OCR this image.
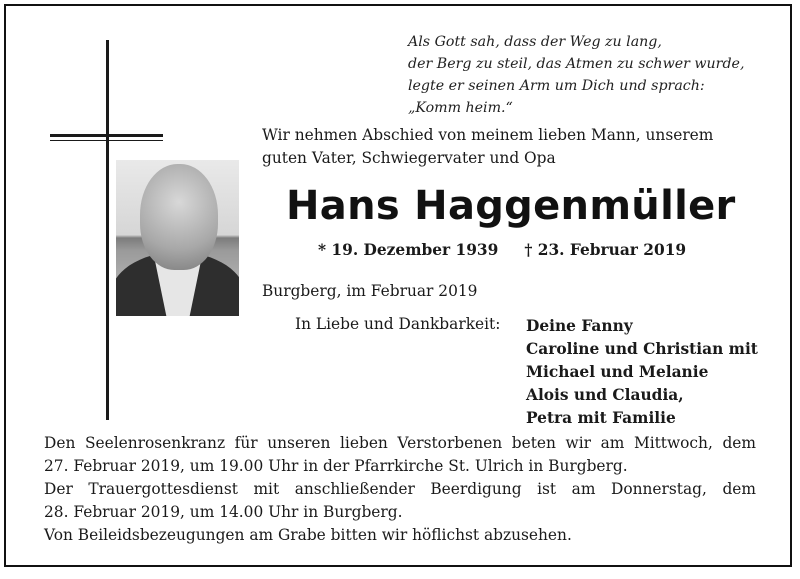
Als Gott sah, dass der Weg zu lang,
der Berg zu steil, das Atmen zu schwer wurde,
legte er seinen Arm um Dich und sprach:
„Komm heim.“
Wir nehmen Abschied von meinem lieben Mann, unserem
guten Vater, Schwiegervater und Opa
Hans Haggenmüller
* 19. Dezember 1939 † 23. Februar 2019
Burgberg, im Februar 2019
In Liebe und Dankbarkeit: Deine Fanny
Caroline und Christian mit
Michael und Melanie
Alois und Claudia,
Petra mit Familie

Den Seelenrosenkranz für unseren lieben Verstorbenen beten wir am Mittwoch, dem

27. Februar 2019, um 19.00 Uhr in der Pfarrkirche St. Ulrich in Burgberg.

Der Trauergottesdienst mit anschließender Beerdigung ist am Donnerstag, dem

28. Februar 2019, um 14.00 Uhr in Burgberg.

Von Beileidsbezeugungen am Grabe bitten wir höflichst abzusehen.
